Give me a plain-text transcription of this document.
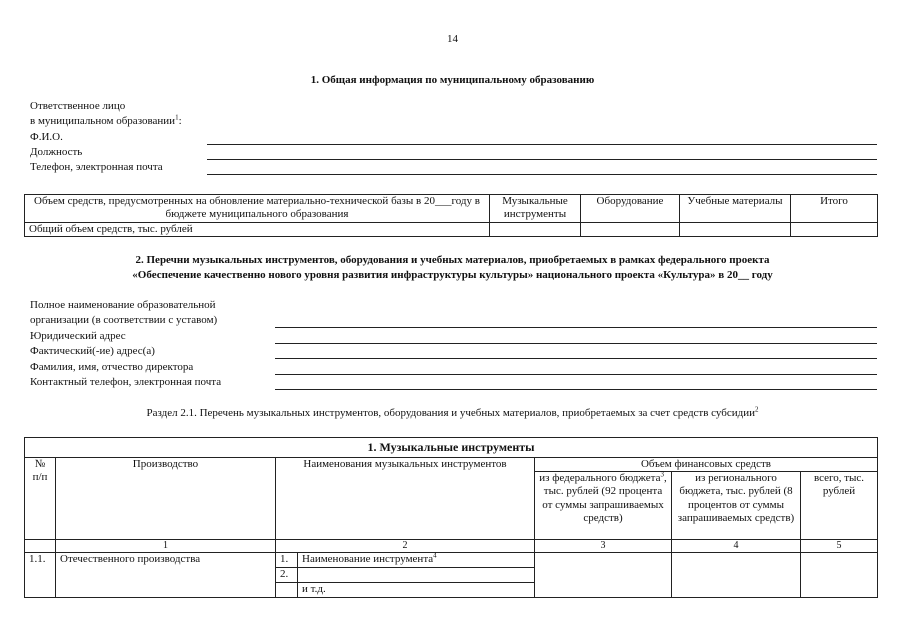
14
1. Общая информация по муниципальному образованию
Ответственное лицо
в муниципальном образовании$^1$:
Ф.И.О.
Должность
Телефон, электронная почта
Объем средств, предусмотренных на обновление материально-технической базы в 20___году в бюджете муниципального образования	Музыкальные инструменты	Оборудование	Учебные материалы	Итого
Общий объем средств, тыс. рублей				
2. Перечни музыкальных инструментов, оборудования и учебных материалов, приобретаемых в рамках федерального проекта
«Обеспечение качественно нового уровня развития инфраструктуры культуры» национального проекта «Культура» в 20__ году
Полное наименование образовательной
организации (в соответствии с уставом)
Юридический адрес
Фактический(-ие) адрес(а)
Фамилия, имя, отчество директора
Контактный телефон, электронная почта
Раздел 2.1. Перечень музыкальных инструментов, оборудования и учебных материалов, приобретаемых за счет средств субсидии$^2$
1. Музыкальные инструменты						
№ п/п	Производство	Наименования музыкальных инструментов		Объем финансовых средств		
				из федерального бюджета$^3$, тыс. рублей (92 процента от суммы запрашиваемых средств)	из регионального бюджета, тыс. рублей (8 процентов от суммы запрашиваемых средств)	всего, тыс. рублей
	1	2		3	4	5
1.1.	Отечественного производства	1.	Наименование инструмента$^4$			
		2.				
			и т.д.			
